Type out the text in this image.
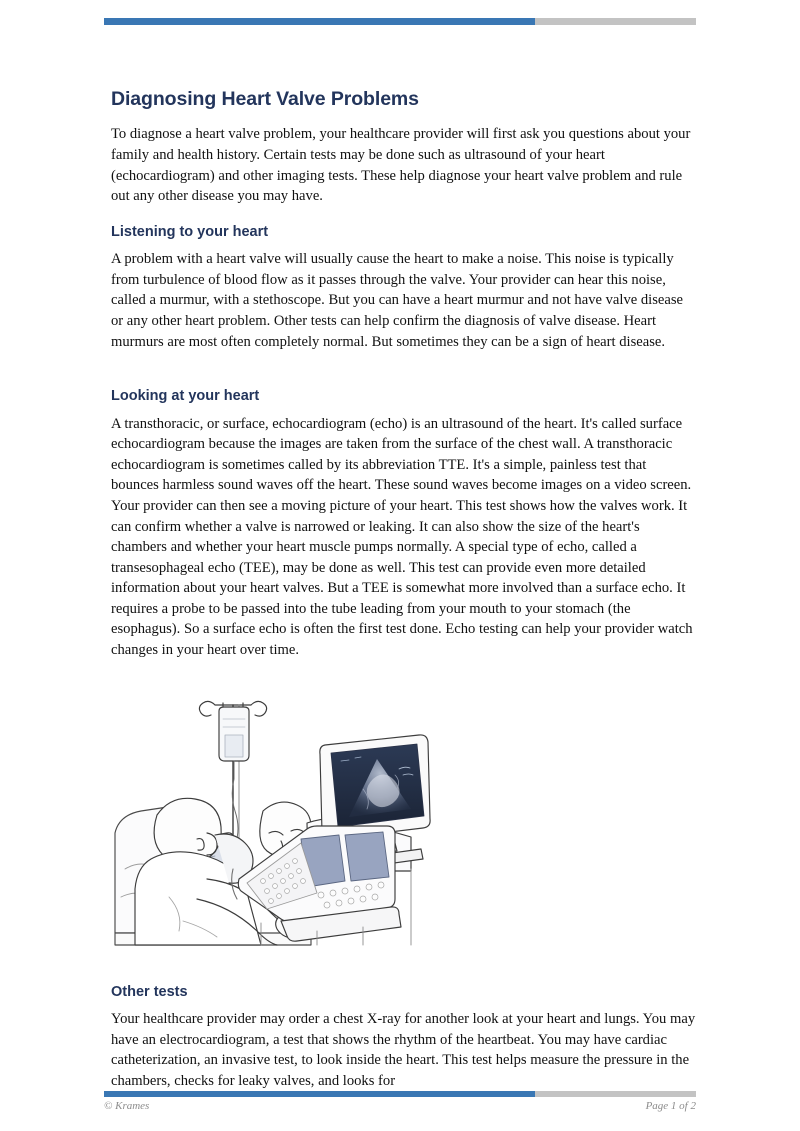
Diagnosing Heart Valve Problems

To diagnose a heart valve problem, your healthcare provider will first ask you questions about your family and health history. Certain tests may be done such as ultrasound of your heart (echocardiogram) and other imaging tests. These help diagnose your heart valve problem and rule out any other disease you may have.

Listening to your heart

A problem with a heart valve will usually cause the heart to make a noise. This noise is typically from turbulence of blood flow as it passes through the valve. Your provider can hear this noise, called a murmur, with a stethoscope. But you can have a heart murmur and not have valve disease or any other heart problem. Other tests can help confirm the diagnosis of valve disease. Heart murmurs are most often completely normal. But sometimes they can be a sign of heart disease.

Looking at your heart

A transthoracic, or surface, echocardiogram (echo) is an ultrasound of the heart. It's called surface echocardiogram because the images are taken from the surface of the chest wall. A transthoracic echocardiogram is sometimes called by its abbreviation TTE. It's a simple, painless test that bounces harmless sound waves off the heart. These sound waves become images on a video screen. Your provider can then see a moving picture of your heart. This test shows how the valves work. It can confirm whether a valve is narrowed or leaking. It can also show the size of the heart's chambers and whether your heart muscle pumps normally. A special type of echo, called a transesophageal echo (TEE), may be done as well. This test can provide even more detailed information about your heart valves. But a TEE is somewhat more involved than a surface echo. It requires a probe to be passed into the tube leading from your mouth to your stomach (the esophagus). So a surface echo is often the first test done. Echo testing can help your provider watch changes in your heart over time.

Other tests

Your healthcare provider may order a chest X-ray for another look at your heart and lungs. You may have an electrocardiogram, a test that shows the rhythm of the heartbeat. You may have cardiac catheterization, an invasive test, to look inside the heart. This test helps measure the pressure in the chambers, checks for leaky valves, and looks for

© Krames	Page 1 of 2
